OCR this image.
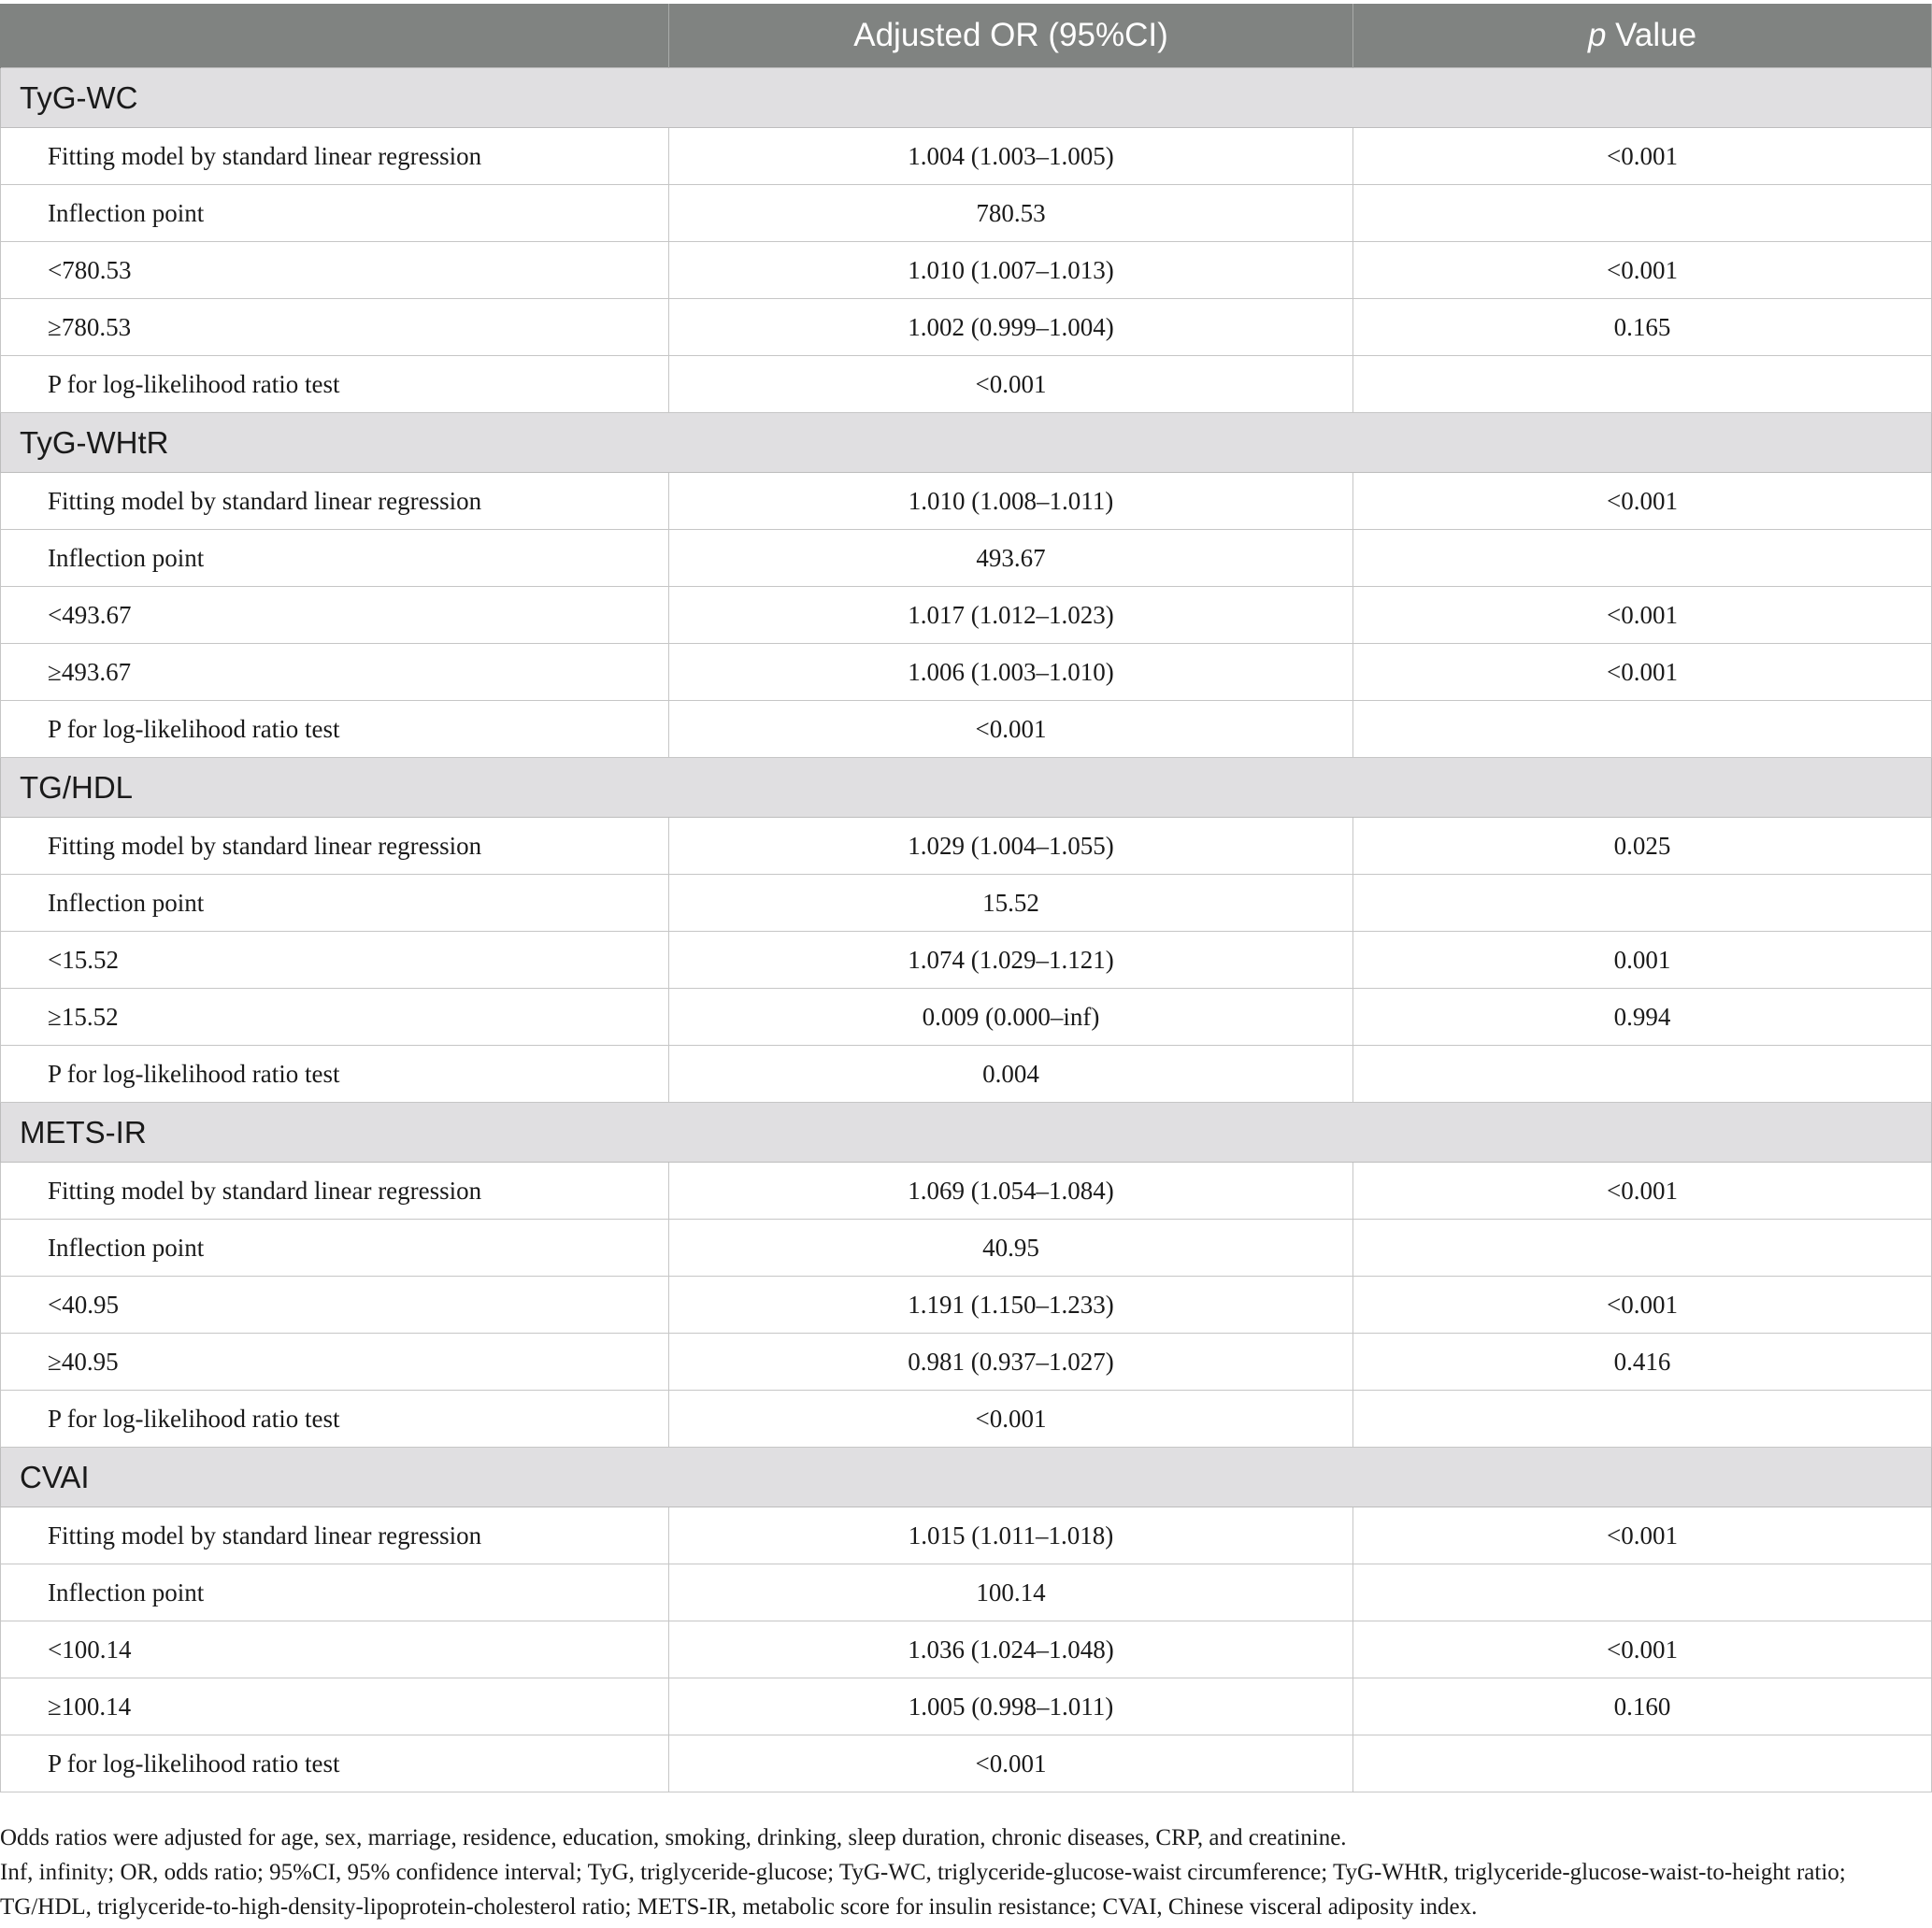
	Adjusted OR (95%CI)	p Value
TyG-WC		
Fitting model by standard linear regression	1.004 (1.003–1.005)	<0.001
Inflection point	780.53	
<780.53	1.010 (1.007–1.013)	<0.001
≥780.53	1.002 (0.999–1.004)	0.165
P for log-likelihood ratio test	<0.001	
TyG-WHtR		
Fitting model by standard linear regression	1.010 (1.008–1.011)	<0.001
Inflection point	493.67	
<493.67	1.017 (1.012–1.023)	<0.001
≥493.67	1.006 (1.003–1.010)	<0.001
P for log-likelihood ratio test	<0.001	
TG/HDL		
Fitting model by standard linear regression	1.029 (1.004–1.055)	0.025
Inflection point	15.52	
<15.52	1.074 (1.029–1.121)	0.001
≥15.52	0.009 (0.000–inf)	0.994
P for log-likelihood ratio test	0.004	
METS-IR		
Fitting model by standard linear regression	1.069 (1.054–1.084)	<0.001
Inflection point	40.95	
<40.95	1.191 (1.150–1.233)	<0.001
≥40.95	0.981 (0.937–1.027)	0.416
P for log-likelihood ratio test	<0.001	
CVAI		
Fitting model by standard linear regression	1.015 (1.011–1.018)	<0.001
Inflection point	100.14	
<100.14	1.036 (1.024–1.048)	<0.001
≥100.14	1.005 (0.998–1.011)	0.160
P for log-likelihood ratio test	<0.001	

Odds ratios were adjusted for age, sex, marriage, residence, education, smoking, drinking, sleep duration, chronic diseases, CRP, and creatinine.

Inf, infinity; OR, odds ratio; 95%CI, 95% confidence interval; TyG, triglyceride-glucose; TyG-WC, triglyceride-glucose-waist circumference; TyG-WHtR, triglyceride-glucose-waist-to-height ratio; TG/HDL, triglyceride-to-high-density-lipoprotein-cholesterol ratio; METS-IR, metabolic score for insulin resistance; CVAI, Chinese visceral adiposity index.
